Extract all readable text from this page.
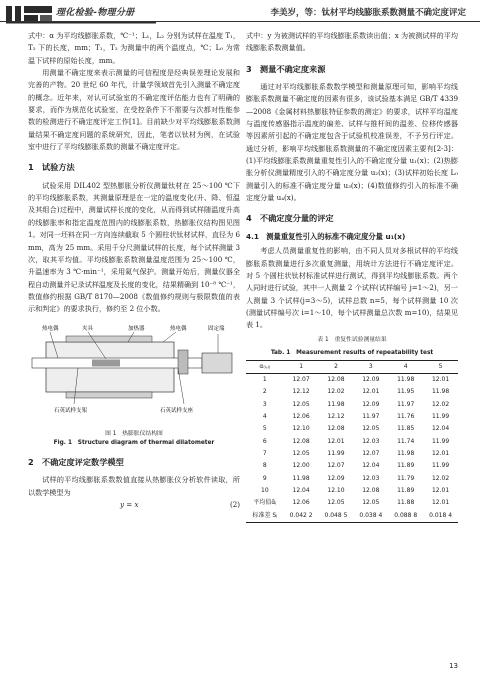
理化检验-物理分册	李美岁，等：钛材平均线膨胀系数测量不确定度评定

式中：α 为平均线膨胀系数，℃⁻¹；L₁，L₂ 分别为试样在温度 T₁，T₂ 下的长度，mm；T₁，T₂ 为测量中的两个温度点，℃；L₀ 为常温下试样的原始长度，mm。

用测量不确定度来表示测量的可信程度是经典误差理论发展和完善的产物。20 世纪 60 年代，计量学领域首先引入测量不确定度的概念。近年来，对认可试验室的不确定度评估能力也有了明确的要求，而作为规范化试验室，在受控条件下不需要与次都对性能参数的检测进行不确定度评定工作[1]。目前缺少对平均线膨胀系数测量结果不确定度问题的系统研究，因此，笔者以钛材为例，在试验室中进行了平均线膨胀系数的测量不确定度评定。

1　试验方法

试验采用 DIL402 型热膨胀分析仪测量钛材在 25～100 ℃下的平均线膨胀系数，其测量原理是在一定的温度变化(升、降、恒温及其组合)过程中，测量试样长度的变化，从而得到试样随温度升高的线膨胀率和指定温度范围内的线膨胀系数，热膨胀仪结构图见图 1。对同一坯料在同一方向连续截取 5 个圆柱状钛材试样，直径为 6 mm，高为 25 mm。采用千分尺测量试样的长度，每个试样测量 3 次，取其平均值。平均线膨胀系数测量温度范围为 25～100 ℃，升温速率为 3 ℃·min⁻¹，采用氦气保护。测量开始后，测量仪器全程自动测量并记录试样温度及长度的变化，结果精确到 10⁻⁸ ℃⁻¹，数值修约根据 GB/T 8170—2008《数值修约规则与极限数值的表示和判定》的要求执行，修约至 2 位小数。

热电偶	夹具	加热器	热电偶	固定端
石英试样支架	石英试样支座
图 1　热膨胀仪结构图
Fig. 1　Structure diagram of thermal dilatometer
2　不确定度评定数学模型

试样的平均线膨胀系数数值直接从热膨胀仪分析软件读取，所以数学模型为

y = x	(2)

式中：y 为被测试样的平均线膨胀系数读出值；x 为被测试样的平均线膨胀系数测量值。

3　测量不确定度来源

通过对平均线膨胀系数数学模型和测量原理可知，影响平均线膨胀系数测量不确定度的因素有很多，该试验基本满足 GB/T 4339—2008《金属材料热膨胀特征参数的测定》的要求，试样平均温度与温度传感器指示温度的偏差、试样与推杆间的温差、位移传感器等因素所引起的不确定度包含于试验机校准误差，不予另行评定。通过分析，影响平均线膨胀系数测量的不确定度因素主要有[2-3]：(1)平均线膨胀系数测量重复性引入的不确定度分量 u₁(x)；(2)热膨胀分析仪测量精度引入的不确定度分量 u₂(x)；(3)试样初始长度 L₀ 测量引入的标准不确定度分量 u₃(x)；(4)数值修约引入的标准不确定度分量 u₄(x)。

4　不确定度分量的评定
4.1　测量重复性引入的标准不确定度分量 u₁(x)

考虑人员测量重复性的影响，由不同人员对多根试样的平均线膨胀系数测量进行多次重复测量，用统计方法进行不确定度评定。对 5 个圆柱状钛材标准试样进行测试，得到平均线膨胀系数。两个人同时进行试验，其中一人测量 2 个试样(试样编号 j=1～2)，另一人测量 3 个试样(j=3～5)，试样总数 n=5，每个试样测量 10 次(测量试样编号次 i=1～10，每个试样测量总次数 m=10)，结果见表 1。

表 1　重复性试验测量结果
Tab. 1　Measurement results of repeatability test
α₍ᵢ,ⱼ₎	1	2	3	4	5
1	12.07	12.08	12.09	11.98	12.01
2	12.12	12.02	12.01	11.95	11.98
3	12.05	11.98	12.09	11.97	12.02
4	12.06	12.12	11.97	11.76	11.99
5	12.10	12.08	12.05	11.85	12.04
6	12.08	12.01	12.03	11.74	11.99
7	12.05	11.99	12.07	11.98	12.01
8	12.00	12.07	12.04	11.89	11.99
9	11.98	12.09	12.03	11.79	12.02
10	12.04	12.10	12.08	11.89	12.01
平均值ᾱⱼ	12.06	12.05	12.05	11.88	12.01
标准差 Sⱼ	0.042 2	0.048 5	0.038 4	0.088 8	0.018 4
13
